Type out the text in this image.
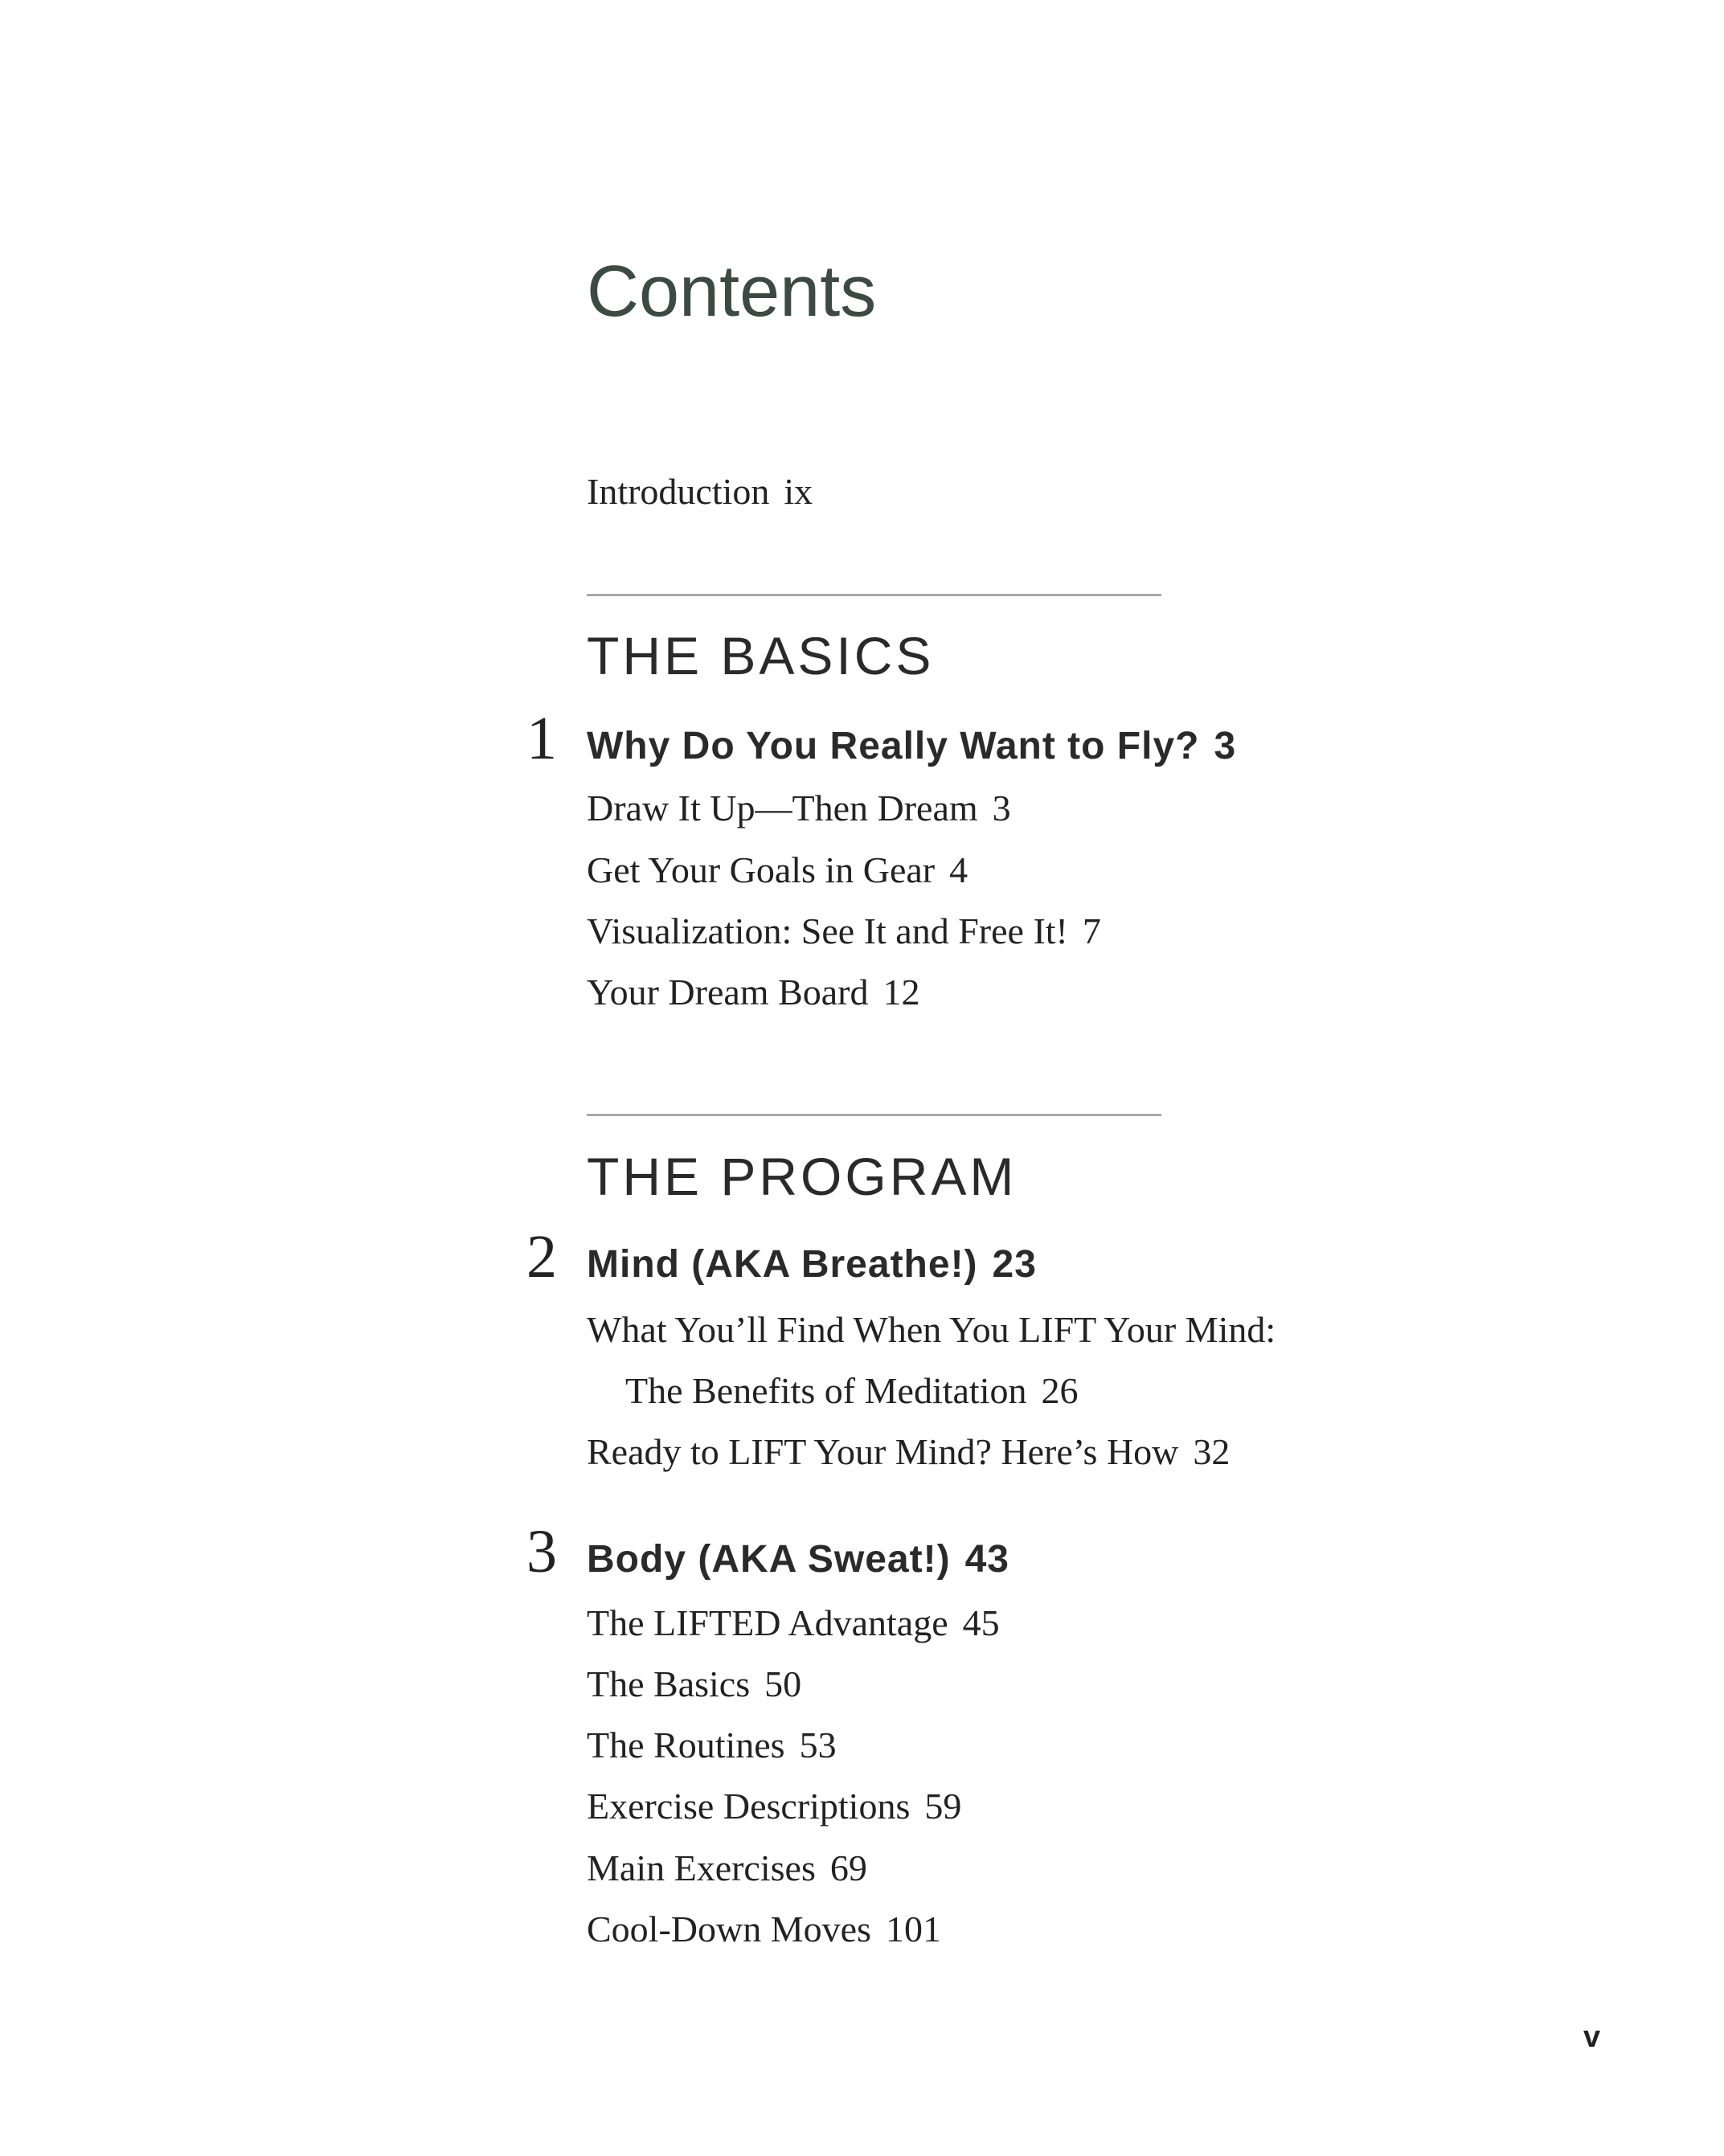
Contents
Introduction ix
THE BASICS
1 Why Do You Really Want to Fly? 3
Draw It Up—Then Dream 3
Get Your Goals in Gear 4
Visualization: See It and Free It! 7
Your Dream Board 12
THE PROGRAM
2 Mind (AKA Breathe!) 23
What You’ll Find When You LIFT Your Mind:
The Benefits of Meditation 26
Ready to LIFT Your Mind? Here’s How 32
3 Body (AKA Sweat!) 43
The LIFTED Advantage 45
The Basics 50
The Routines 53
Exercise Descriptions 59
Main Exercises 69
Cool-Down Moves 101
v
